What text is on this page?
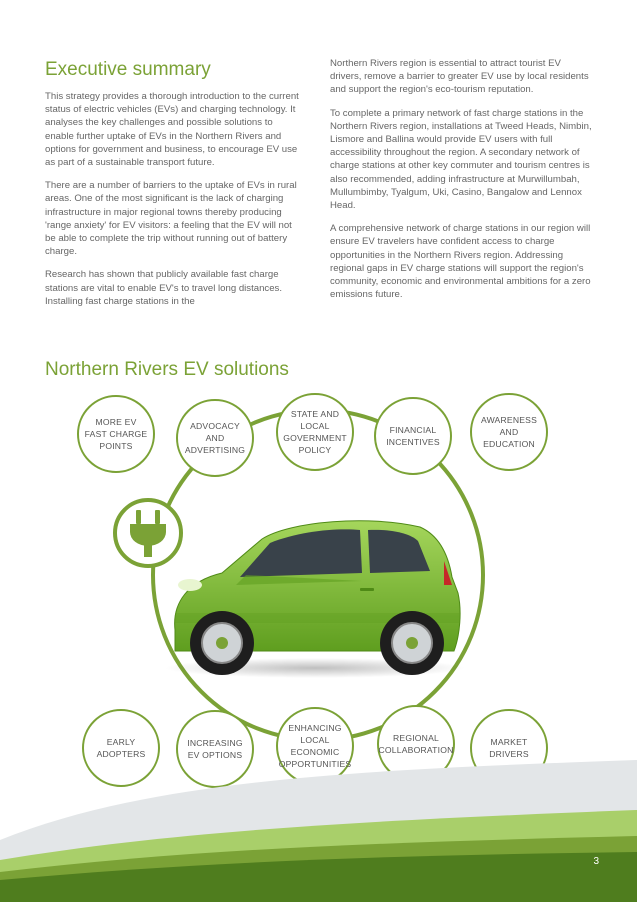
Executive summary

This strategy provides a thorough introduction to the current status of electric vehicles (EVs) and charging technology. It analyses the key challenges and possible solutions to enable further uptake of EVs in the Northern Rivers and options for government and business, to encourage EV use as part of a sustainable transport future.

There are a number of barriers to the uptake of EVs in rural areas. One of the most significant is the lack of charging infrastructure in major regional towns thereby producing 'range anxiety' for EV visitors: a feeling that the EV will not be able to complete the trip without running out of battery charge.

Research has shown that publicly available fast charge stations are vital to enable EV's to travel long distances. Installing fast charge stations in the

Northern Rivers region is essential to attract tourist EV drivers, remove a barrier to greater EV use by local residents and support the region's eco-tourism reputation.

To complete a primary network of fast charge stations in the Northern Rivers region, installations at Tweed Heads, Nimbin, Lismore and Ballina would provide EV users with full accessibility throughout the region. A secondary network of charge stations at other key commuter and tourism centres is also recommended, adding infrastructure at Murwillumbah, Mullumbimby, Tyalgum, Uki, Casino, Bangalow and Lennox Head.

A comprehensive network of charge stations in our region will ensure EV travelers have confident access to charge opportunities in the Northern Rivers region. Addressing regional gaps in EV charge stations will support the region's community, economic and environmental ambitions for a zero emissions future.

Northern Rivers EV solutions
MORE EV
FAST CHARGE
POINTS
ADVOCACY
AND
ADVERTISING
STATE AND
LOCAL
GOVERNMENT
POLICY
FINANCIAL
INCENTIVES
AWARENESS
AND
EDUCATION
EARLY
ADOPTERS
INCREASING
EV OPTIONS
ENHANCING
LOCAL ECONOMIC
OPPORTUNITIES
REGIONAL
COLLABORATION
MARKET
DRIVERS
3
